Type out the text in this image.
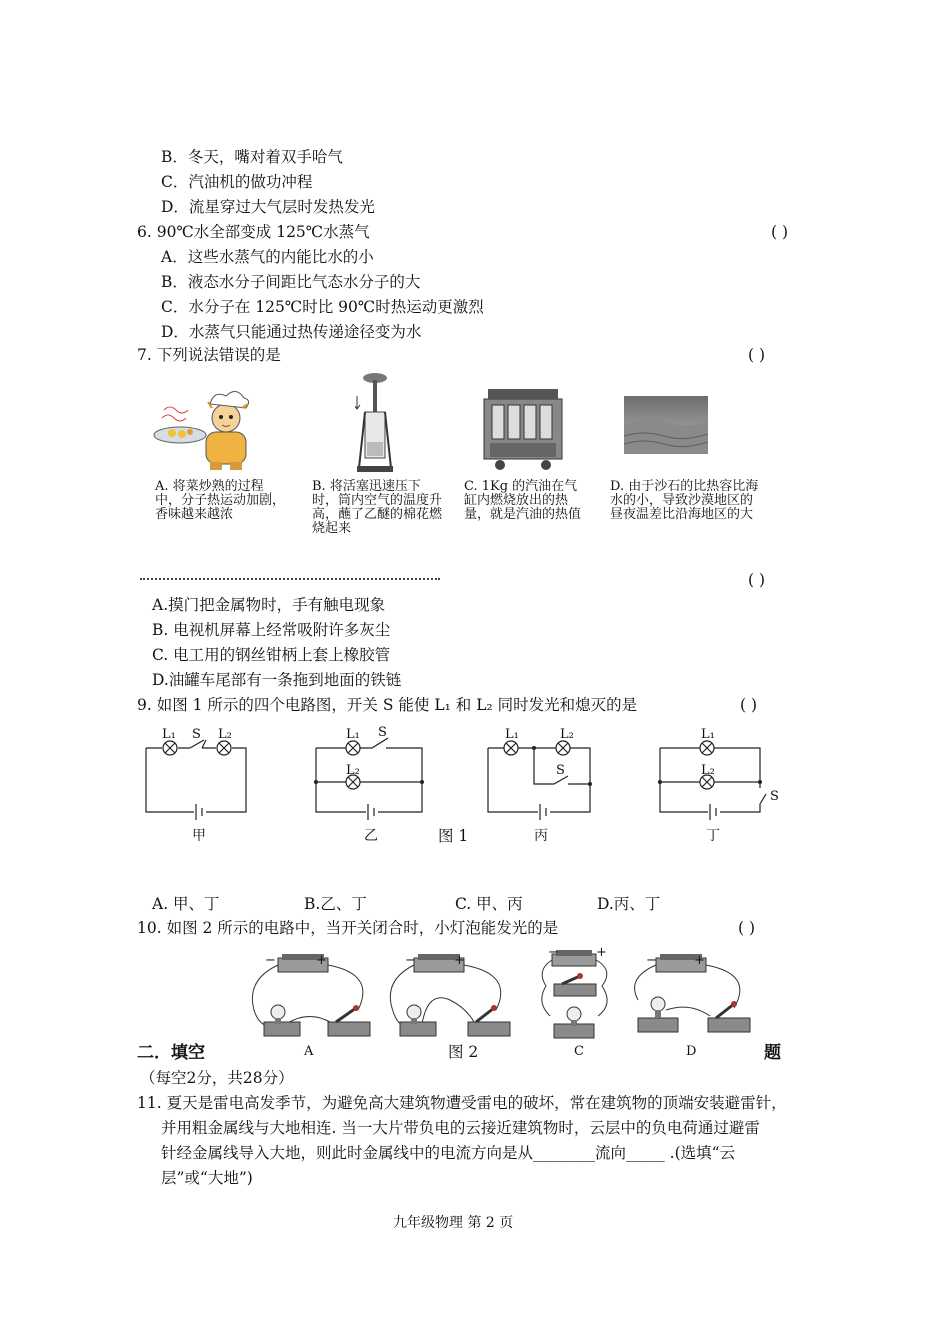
B．冬天，嘴对着双手哈气
C．汽油机的做功冲程
D．流星穿过大气层时发热发光
6. 90℃水全部变成 125℃水蒸气	( )
A．这些水蒸气的内能比水的小
B．液态水分子间距比气态水分子的大
C．水分子在 125℃时比 90℃时热运动更激烈
D．水蒸气只能通过热传递途径变为水
7. 下列说法错误的是	( )
A. 将菜炒熟的过程中，分子热运动加剧，香味越来越浓
B. 将活塞迅速压下时，筒内空气的温度升高，蘸了乙醚的棉花燃烧起来
C. 1Kg 的汽油在气缸内燃烧放出的热量，就是汽油的热值
D. 由于沙石的比热容比海水的小，导致沙漠地区的昼夜温差比沿海地区的大
( )
A.摸门把金属物时，手有触电现象
B. 电视机屏幕上经常吸附许多灰尘
C. 电工用的钢丝钳柄上套上橡胶管
D.油罐车尾部有一条拖到地面的铁链
9. 如图 1 所示的四个电路图，开关 S 能使 L₁ 和 L₂ 同时发光和熄灭的是	( )
L₁ S L₂	L₁ S
L₂
L₁	L₂
S
L₁
L₂
S
甲	乙	图 1	丙	丁
A. 甲、丁	B.乙、丁	C. 甲、丙	D.丙、丁
10. 如图 2 所示的电路中，当开关闭合时，小灯泡能发光的是	( )
−	+	−	+
−	+
−	+
A	图 2	C	D
二．填空	题
（每空2分，共28分）
11. 夏天是雷电高发季节，为避免高大建筑物遭受雷电的破坏，常在建筑物的顶端安装避雷针，
并用粗金属线与大地相连. 当一大片带负电的云接近建筑物时，云层中的负电荷通过避雷
针经金属线导入大地，则此时金属线中的电流方向是从________流向_____ .(选填“云
层”或“大地”)
九年级物理 第 2 页
